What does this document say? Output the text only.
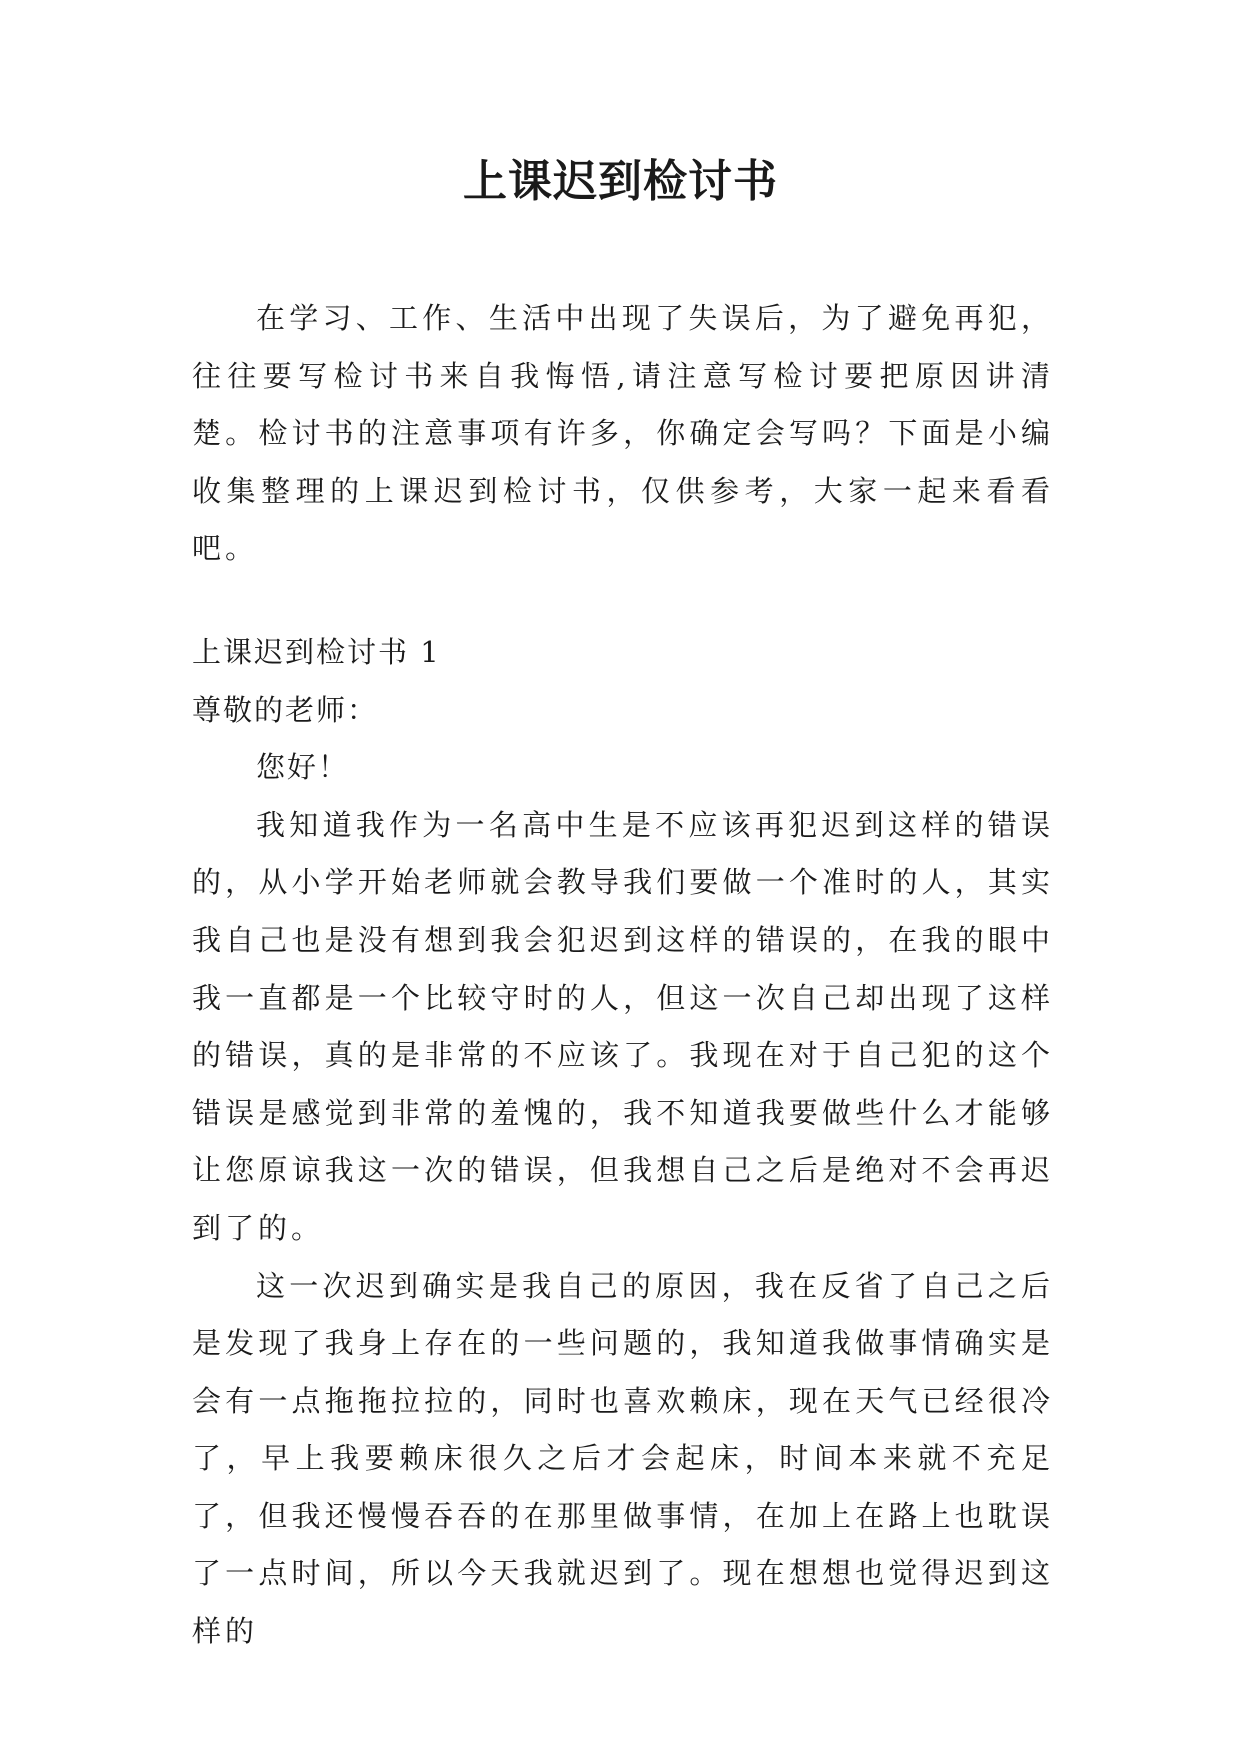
上课迟到检讨书

在学习、工作、生活中出现了失误后，为了避免再犯，往往要写检讨书来自我悔悟,请注意写检讨要把原因讲清楚。检讨书的注意事项有许多，你确定会写吗？下面是小编收集整理的上课迟到检讨书，仅供参考，大家一起来看看吧。

上课迟到检讨书 1

尊敬的老师：

您好！

我知道我作为一名高中生是不应该再犯迟到这样的错误的，从小学开始老师就会教导我们要做一个准时的人，其实我自己也是没有想到我会犯迟到这样的错误的，在我的眼中我一直都是一个比较守时的人，但这一次自己却出现了这样的错误，真的是非常的不应该了。我现在对于自己犯的这个错误是感觉到非常的羞愧的，我不知道我要做些什么才能够让您原谅我这一次的错误，但我想自己之后是绝对不会再迟到了的。

这一次迟到确实是我自己的原因，我在反省了自己之后是发现了我身上存在的一些问题的，我知道我做事情确实是会有一点拖拖拉拉的，同时也喜欢赖床，现在天气已经很冷了，早上我要赖床很久之后才会起床，时间本来就不充足了，但我还慢慢吞吞的在那里做事情，在加上在路上也耽误了一点时间，所以今天我就迟到了。现在想想也觉得迟到这样的
